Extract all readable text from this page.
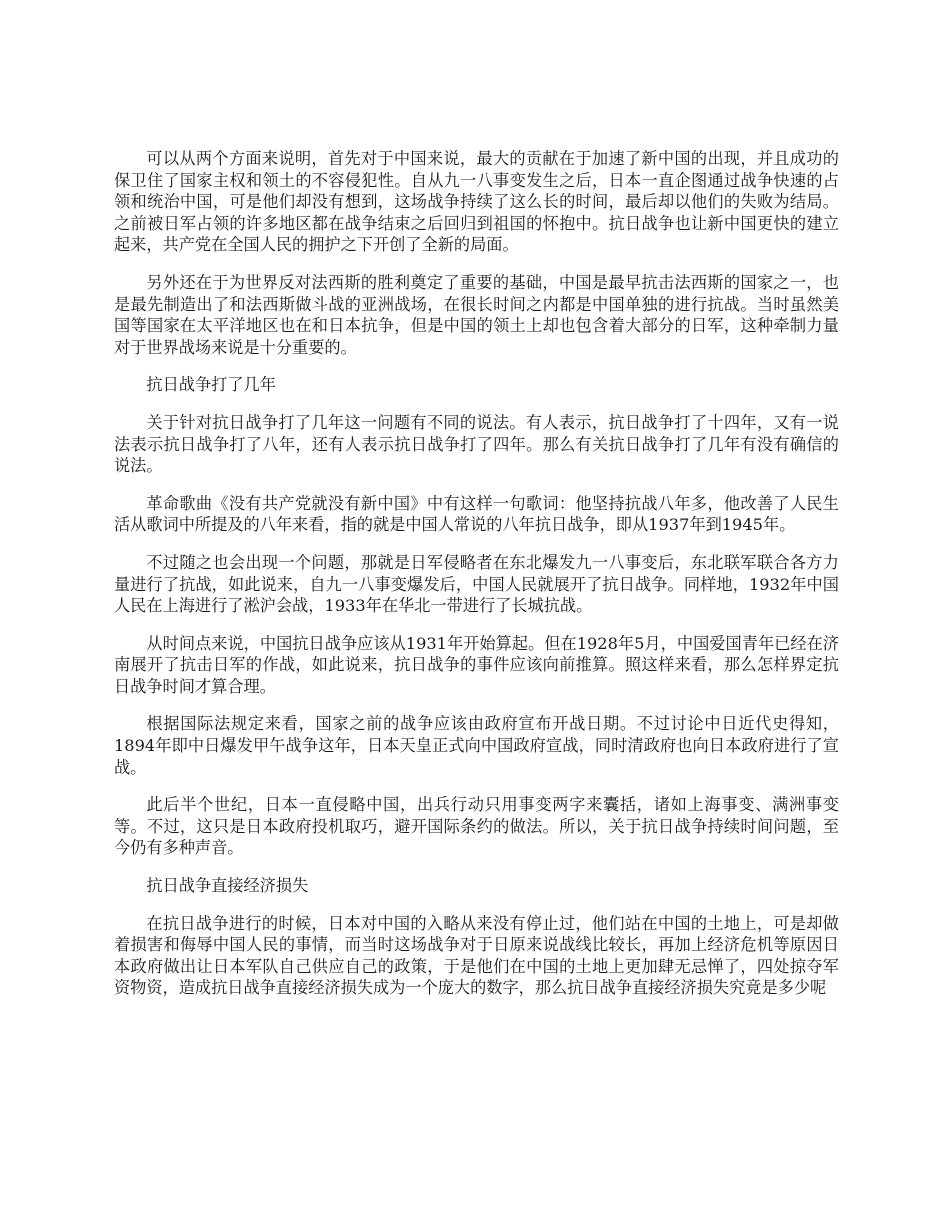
可以从两个方面来说明，首先对于中国来说，最大的贡献在于加速了新中国的出现，并且成功的保卫住了国家主权和领土的不容侵犯性。自从九一八事变发生之后，日本一直企图通过战争快速的占领和统治中国，可是他们却没有想到，这场战争持续了这么长的时间，最后却以他们的失败为结局。之前被日军占领的许多地区都在战争结束之后回归到祖国的怀抱中。抗日战争也让新中国更快的建立起来，共产党在全国人民的拥护之下开创了全新的局面。

另外还在于为世界反对法西斯的胜利奠定了重要的基础，中国是最早抗击法西斯的国家之一，也是最先制造出了和法西斯做斗战的亚洲战场，在很长时间之内都是中国单独的进行抗战。当时虽然美国等国家在太平洋地区也在和日本抗争，但是中国的领土上却也包含着大部分的日军，这种牵制力量对于世界战场来说是十分重要的。

抗日战争打了几年

关于针对抗日战争打了几年这一问题有不同的说法。有人表示，抗日战争打了十四年，又有一说法表示抗日战争打了八年，还有人表示抗日战争打了四年。那么有关抗日战争打了几年有没有确信的说法。

革命歌曲《没有共产党就没有新中国》中有这样一句歌词：他坚持抗战八年多，他改善了人民生活从歌词中所提及的八年来看，指的就是中国人常说的八年抗日战争，即从1937年到1945年。

不过随之也会出现一个问题，那就是日军侵略者在东北爆发九一八事变后，东北联军联合各方力量进行了抗战，如此说来，自九一八事变爆发后，中国人民就展开了抗日战争。同样地，1932年中国人民在上海进行了淞沪会战，1933年在华北一带进行了长城抗战。

从时间点来说，中国抗日战争应该从1931年开始算起。但在1928年5月，中国爱国青年已经在济南展开了抗击日军的作战，如此说来，抗日战争的事件应该向前推算。照这样来看，那么怎样界定抗日战争时间才算合理。

根据国际法规定来看，国家之前的战争应该由政府宣布开战日期。不过讨论中日近代史得知，1894年即中日爆发甲午战争这年，日本天皇正式向中国政府宣战，同时清政府也向日本政府进行了宣战。

此后半个世纪，日本一直侵略中国，出兵行动只用事变两字来囊括，诸如上海事变、满洲事变等。不过，这只是日本政府投机取巧，避开国际条约的做法。所以，关于抗日战争持续时间问题，至今仍有多种声音。

抗日战争直接经济损失

在抗日战争进行的时候，日本对中国的入略从来没有停止过，他们站在中国的土地上，可是却做着损害和侮辱中国人民的事情，而当时这场战争对于日原来说战线比较长，再加上经济危机等原因日本政府做出让日本军队自己供应自己的政策，于是他们在中国的土地上更加肆无忌惮了，四处掠夺军资物资，造成抗日战争直接经济损失成为一个庞大的数字，那么抗日战争直接经济损失究竟是多少呢
